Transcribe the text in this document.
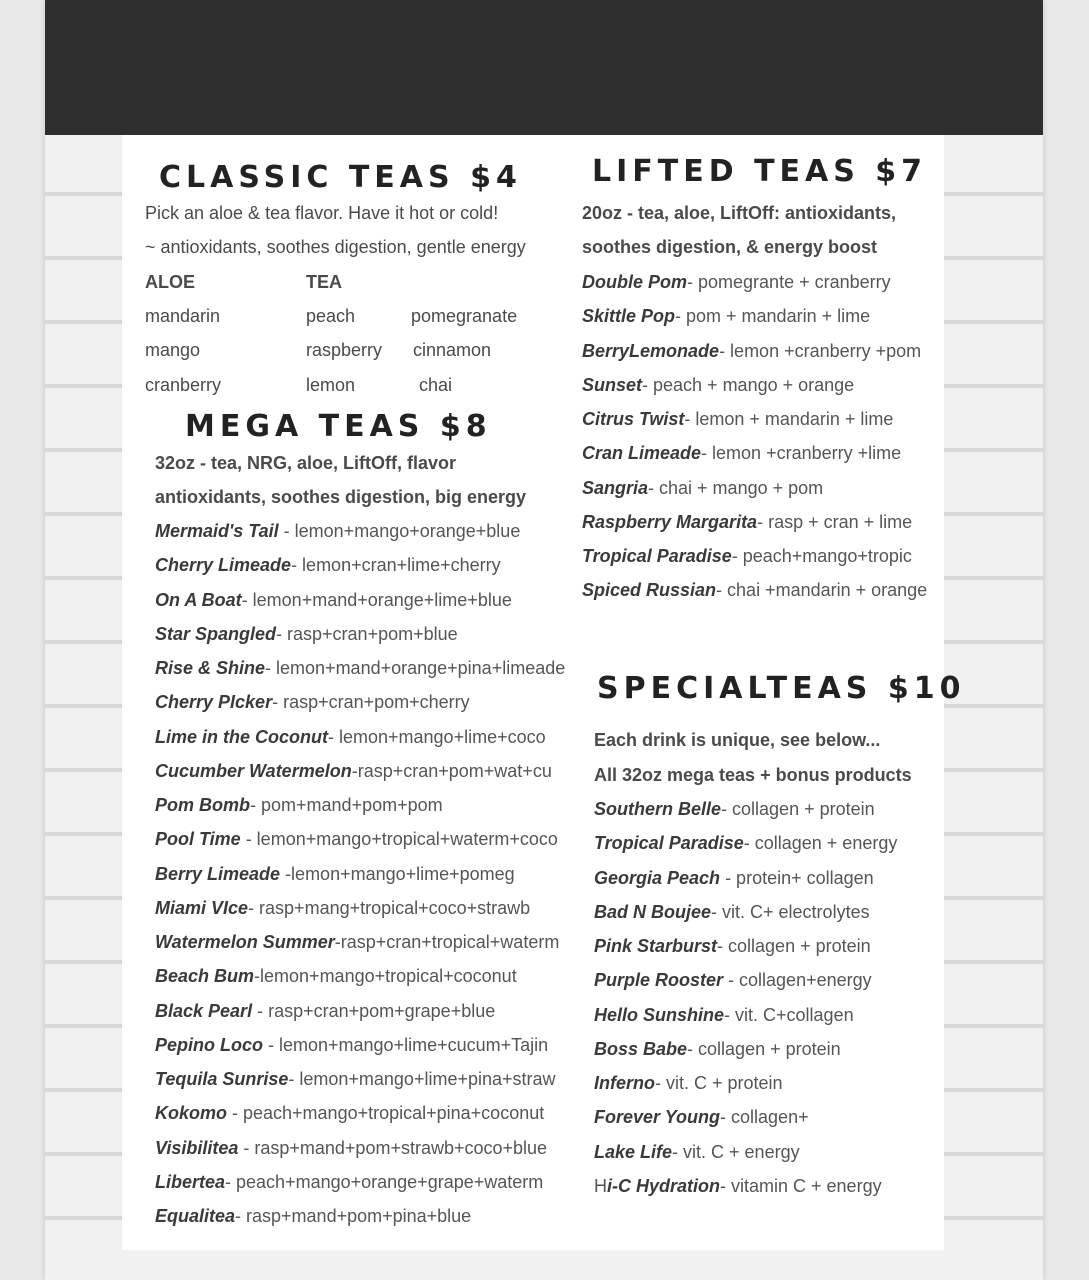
CLASSIC TEAS $4

Pick an aloe & tea flavor. Have it hot or cold!

~ antioxidants, soothes digestion, gentle energy

ALOE	TEA
mandarin
mango
cranberry
peach
raspberry
lemon
pomegranate
cinnamon
chai
MEGA TEAS $8

32oz - tea, NRG, aloe, LiftOff, flavor

antioxidants, soothes digestion, big energy

Mermaid's Tail - lemon+mango+orange+blue

Cherry Limeade- lemon+cran+lime+cherry

On A Boat- lemon+mand+orange+lime+blue

Star Spangled- rasp+cran+pom+blue

Rise & Shine- lemon+mand+orange+pina+limeade

Cherry PIcker- rasp+cran+pom+cherry

Lime in the Coconut- lemon+mango+lime+coco

Cucumber Watermelon-rasp+cran+pom+wat+cu

Pom Bomb- pom+mand+pom+pom

Pool Time - lemon+mango+tropical+waterm+coco

Berry Limeade -lemon+mango+lime+pomeg

Miami VIce- rasp+mang+tropical+coco+strawb

Watermelon Summer-rasp+cran+tropical+waterm

Beach Bum-lemon+mango+tropical+coconut

Black Pearl - rasp+cran+pom+grape+blue

Pepino Loco - lemon+mango+lime+cucum+Tajin

Tequila Sunrise- lemon+mango+lime+pina+straw

Kokomo - peach+mango+tropical+pina+coconut

Visibilitea - rasp+mand+pom+strawb+coco+blue

Libertea- peach+mango+orange+grape+waterm

Equalitea- rasp+mand+pom+pina+blue

LIFTED TEAS $7

20oz - tea, aloe, LiftOff: antioxidants,

soothes digestion, & energy boost

Double Pom- pomegrante + cranberry

Skittle Pop- pom + mandarin + lime

BerryLemonade- lemon +cranberry +pom

Sunset- peach + mango + orange

Citrus Twist- lemon + mandarin + lime

Cran Limeade- lemon +cranberry +lime

Sangria- chai + mango + pom

Raspberry Margarita- rasp + cran + lime

Tropical Paradise- peach+mango+tropic

Spiced Russian- chai +mandarin + orange

SPECIALTEAS $10

Each drink is unique, see below...

All 32oz mega teas + bonus products

Southern Belle- collagen + protein

Tropical Paradise- collagen + energy

Georgia Peach - protein+ collagen

Bad N Boujee- vit. C+ electrolytes

Pink Starburst- collagen + protein

Purple Rooster - collagen+energy

Hello Sunshine- vit. C+collagen

Boss Babe- collagen + protein

Inferno- vit. C + protein

Forever Young- collagen+

Lake Life- vit. C + energy

Hi-C Hydration- vitamin C + energy
